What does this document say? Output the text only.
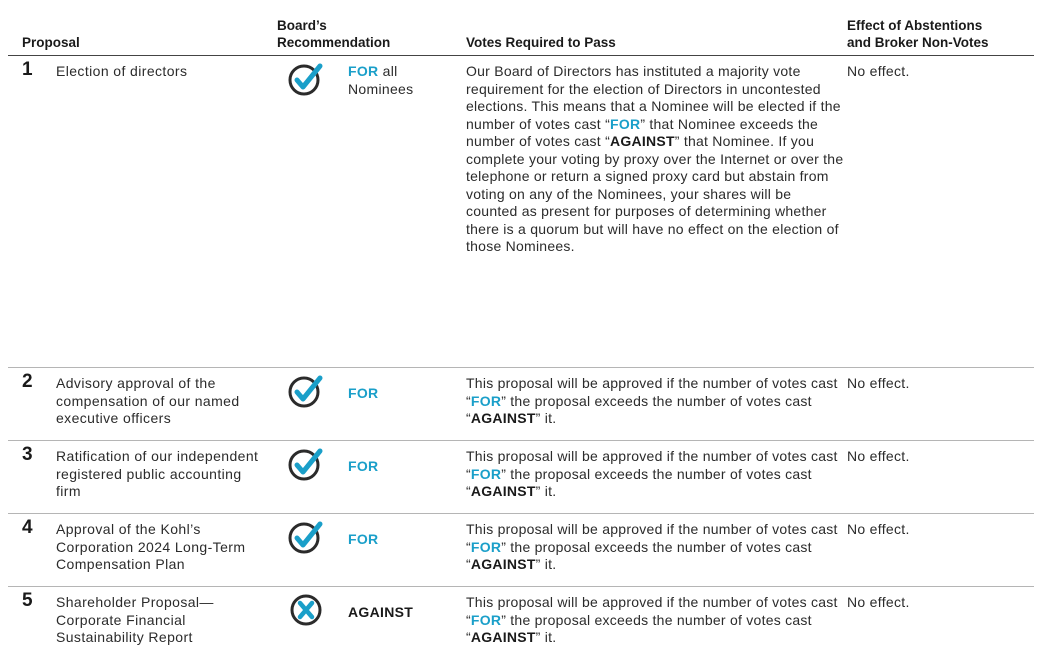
Proposal
Board’s
Recommendation	Votes Required to Pass
Effect of Abstentions
and Broker Non-Votes
1 Election of directors	FOR all
Nominees
Our Board of Directors has instituted a majority vote requirement for the election of Directors in uncontested elections. This means that a Nominee will be elected if the number of votes cast “FOR” that Nominee exceeds the number of votes cast “AGAINST” that Nominee. If you complete your voting by proxy over the Internet or over the telephone or return a signed proxy card but abstain from voting on any of the Nominees, your shares will be counted as present for purposes of determining whether there is a quorum but will have no effect on the election of those Nominees.
No effect.
2 Advisory approval of the compensation of our named executive officers
FOR
This proposal will be approved if the number of votes cast “FOR” the proposal exceeds the number of votes cast “AGAINST” it.
No effect.
3 Ratification of our independent registered public accounting firm
FOR
This proposal will be approved if the number of votes cast “FOR” the proposal exceeds the number of votes cast “AGAINST” it.
No effect.
4 Approval of the Kohl’s Corporation 2024 Long-Term Compensation Plan
FOR
This proposal will be approved if the number of votes cast “FOR” the proposal exceeds the number of votes cast “AGAINST” it.
No effect.
5 Shareholder Proposal—Corporate Financial Sustainability Report
AGAINST
This proposal will be approved if the number of votes cast “FOR” the proposal exceeds the number of votes cast “AGAINST” it.
No effect.
